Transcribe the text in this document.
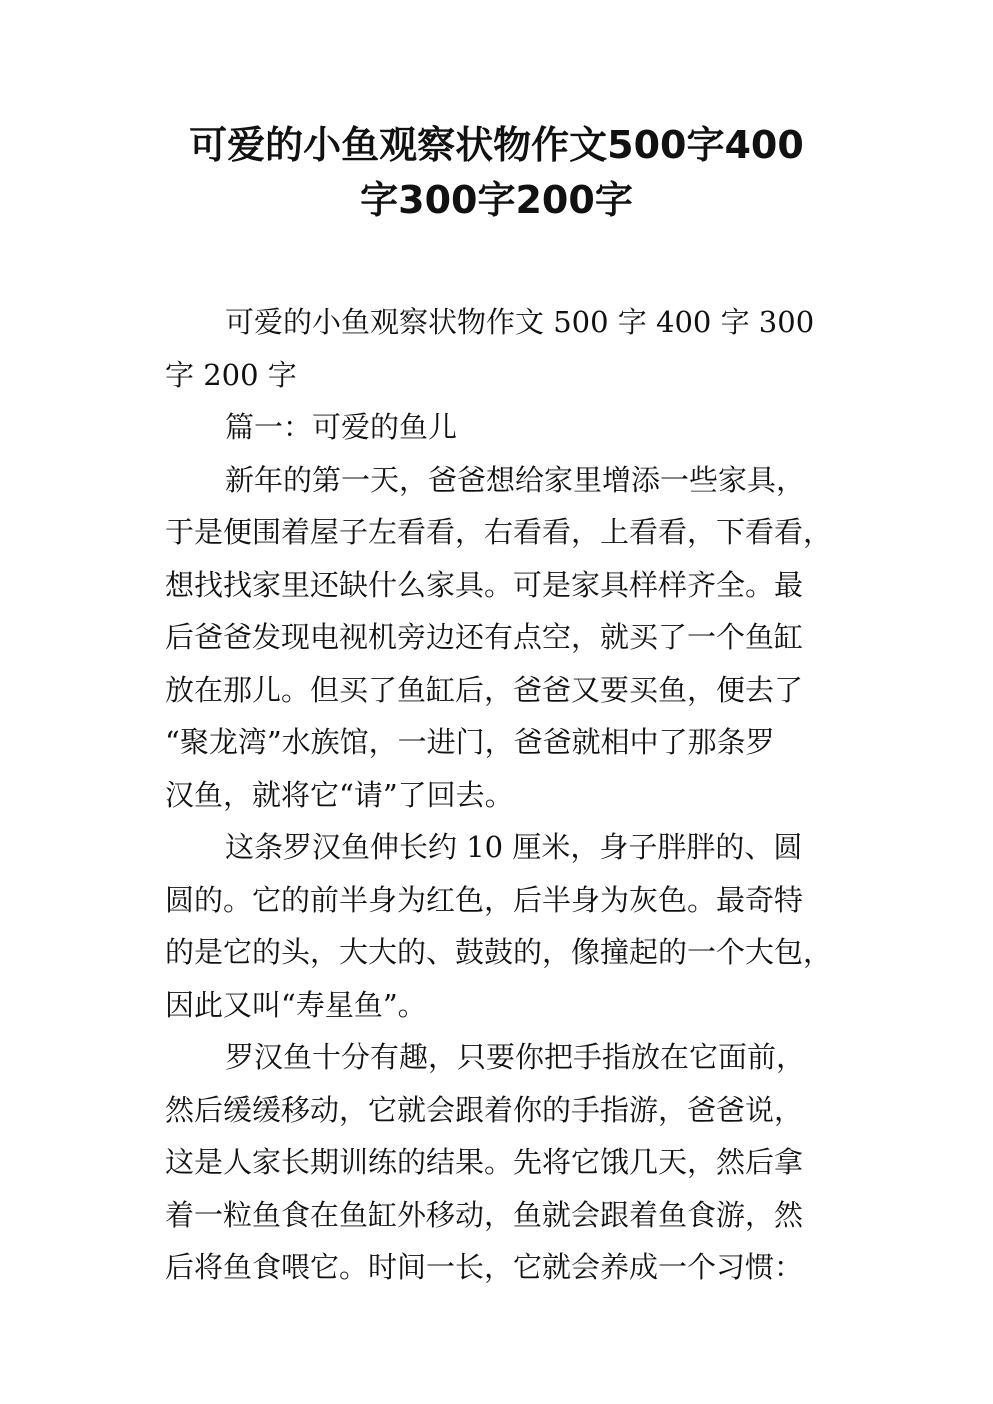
可爱的小鱼观察状物作文500字400
字300字200字

可爱的小鱼观察状物作文 500 字 400 字 300
字 200 字

篇一：可爱的鱼儿

新年的第一天，爸爸想给家里增添一些家具，
于是便围着屋子左看看，右看看，上看看，下看看，
想找找家里还缺什么家具。可是家具样样齐全。最
后爸爸发现电视机旁边还有点空，就买了一个鱼缸
放在那儿。但买了鱼缸后，爸爸又要买鱼，便去了
“聚龙湾”水族馆，一进门，爸爸就相中了那条罗
汉鱼，就将它“请”了回去。

这条罗汉鱼伸长约 10 厘米，身子胖胖的、圆
圆的。它的前半身为红色，后半身为灰色。最奇特
的是它的头，大大的、鼓鼓的，像撞起的一个大包，
因此又叫“寿星鱼”。

罗汉鱼十分有趣，只要你把手指放在它面前，
然后缓缓移动，它就会跟着你的手指游，爸爸说，
这是人家长期训练的结果。先将它饿几天，然后拿
着一粒鱼食在鱼缸外移动，鱼就会跟着鱼食游，然
后将鱼食喂它。时间一长，它就会养成一个习惯：
